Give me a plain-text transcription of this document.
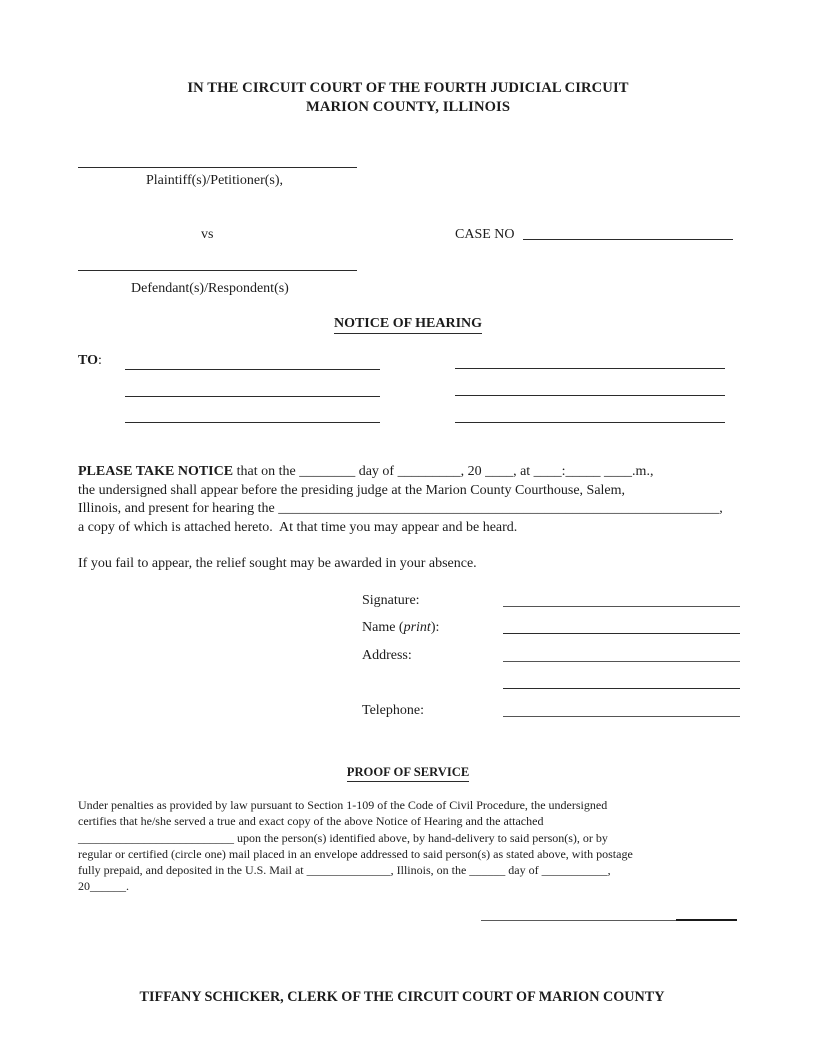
IN THE CIRCUIT COURT OF THE FOURTH JUDICIAL CIRCUIT
MARION COUNTY, ILLINOIS
Plaintiff(s)/Petitioner(s),
vs	CASE NO
Defendant(s)/Respondent(s)
NOTICE OF HEARING
TO:
PLEASE TAKE NOTICE that on the ________ day of _________, 20 ____, at ____:_____ ____.m.,
the undersigned shall appear before the presiding judge at the Marion County Courthouse, Salem,
Illinois, and present for hearing the _______________________________________________________________,
a copy of which is attached hereto.  At that time you may appear and be heard.
If you fail to appear, the relief sought may be awarded in your absence.
Signature:
Name (print):
Address:
Telephone:
PROOF OF SERVICE
Under penalties as provided by law pursuant to Section 1-109 of the Code of Civil Procedure, the undersigned
certifies that he/she served a true and exact copy of the above Notice of Hearing and the attached
__________________________ upon the person(s) identified above, by hand-delivery to said person(s), or by
regular or certified (circle one) mail placed in an envelope addressed to said person(s) as stated above, with postage
fully prepaid, and deposited in the U.S. Mail at ______________, Illinois, on the ______ day of ___________,
20______.
TIFFANY SCHICKER, CLERK OF THE CIRCUIT COURT OF MARION COUNTY
